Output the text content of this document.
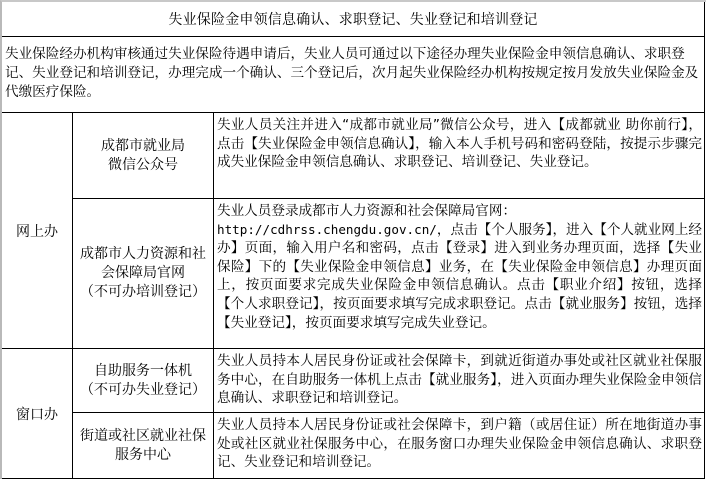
失业保险金申领信息确认、求职登记、失业登记和培训登记
失业保险经办机构审核通过失业保险待遇申请后，失业人员可通过以下途径办理失业保险金申领信息确认、求职登记、失业登记和培训登记，办理完成一个确认、三个登记后，次月起失业保险经办机构按规定按月发放失业保险金及代缴医疗保险。
网上办
成都市就业局
微信公众号
失业人员关注并进入“成都市就业局”微信公众号，进入【成都就业 助你前行】，点击【失业保险金申领信息确认】，输入本人手机号码和密码登陆，按提示步骤完成失业保险金申领信息确认、求职登记、培训登记、失业登记。
成都市人力资源和社
会保障局官网
（不可办培训登记）
失业人员登录成都市人力资源和社会保障局官网：
http://cdhrss.chengdu.gov.cn/，点击【个人服务】，进入【个人就业网上经办】页面，输入用户名和密码，点击【登录】进入到业务办理页面，选择【失业保险】下的【失业保险金申领信息】业务，在【失业保险金申领信息】办理页面上，按页面要求完成失业保险金申领信息确认。点击【职业介绍】按钮，选择【个人求职登记】，按页面要求填写完成求职登记。点击【就业服务】按钮，选择【失业登记】，按页面要求填写完成失业登记。
窗口办
自助服务一体机
（不可办失业登记）
失业人员持本人居民身份证或社会保障卡，到就近街道办事处或社区就业社保服务中心，在自助服务一体机上点击【就业服务】，进入页面办理失业保险金申领信息确认、求职登记和培训登记。
街道或社区就业社保
服务中心
失业人员持本人居民身份证或社会保障卡，到户籍（或居住证）所在地街道办事处或社区就业社保服务中心，在服务窗口办理失业保险金申领信息确认、求职登记、失业登记和培训登记。
